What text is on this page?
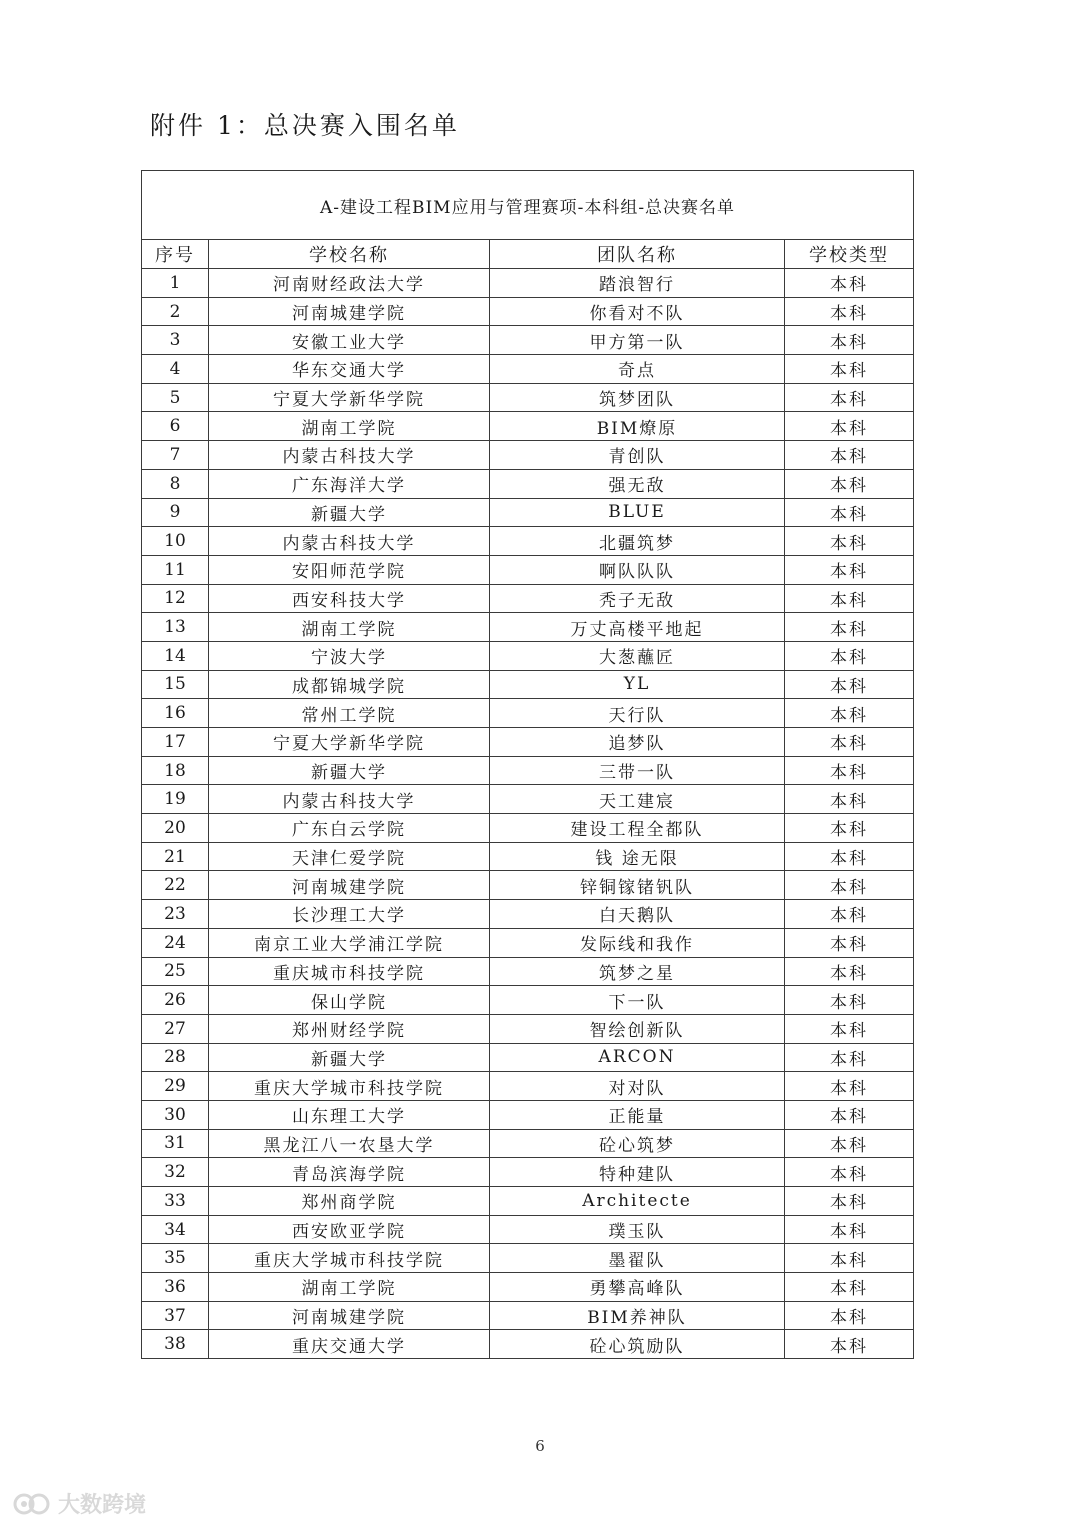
附件 1：总决赛入围名单
A-建设工程BIM应用与管理赛项-本科组-总决赛名单			
序号	学校名称	团队名称	学校类型
1	河南财经政法大学	踏浪智行	本科
2	河南城建学院	你看对不队	本科
3	安徽工业大学	甲方第一队	本科
4	华东交通大学	奇点	本科
5	宁夏大学新华学院	筑梦团队	本科
6	湖南工学院	BIM燎原	本科
7	内蒙古科技大学	青创队	本科
8	广东海洋大学	强无敌	本科
9	新疆大学	BLUE	本科
10	内蒙古科技大学	北疆筑梦	本科
11	安阳师范学院	啊队队队	本科
12	西安科技大学	秃子无敌	本科
13	湖南工学院	万丈高楼平地起	本科
14	宁波大学	大葱蘸匠	本科
15	成都锦城学院	YL	本科
16	常州工学院	天行队	本科
17	宁夏大学新华学院	追梦队	本科
18	新疆大学	三带一队	本科
19	内蒙古科技大学	天工建宸	本科
20	广东白云学院	建设工程全都队	本科
21	天津仁爱学院	钱 途无限	本科
22	河南城建学院	锌铜镓锗钒队	本科
23	长沙理工大学	白天鹅队	本科
24	南京工业大学浦江学院	发际线和我作	本科
25	重庆城市科技学院	筑梦之星	本科
26	保山学院	下一队	本科
27	郑州财经学院	智绘创新队	本科
28	新疆大学	ARCON	本科
29	重庆大学城市科技学院	对对队	本科
30	山东理工大学	正能量	本科
31	黑龙江八一农垦大学	砼心筑梦	本科
32	青岛滨海学院	特种建队	本科
33	郑州商学院	Architecte	本科
34	西安欧亚学院	璞玉队	本科
35	重庆大学城市科技学院	墨翟队	本科
36	湖南工学院	勇攀高峰队	本科
37	河南城建学院	BIM养神队	本科
38	重庆交通大学	砼心筑励队	本科
6
大数跨境
